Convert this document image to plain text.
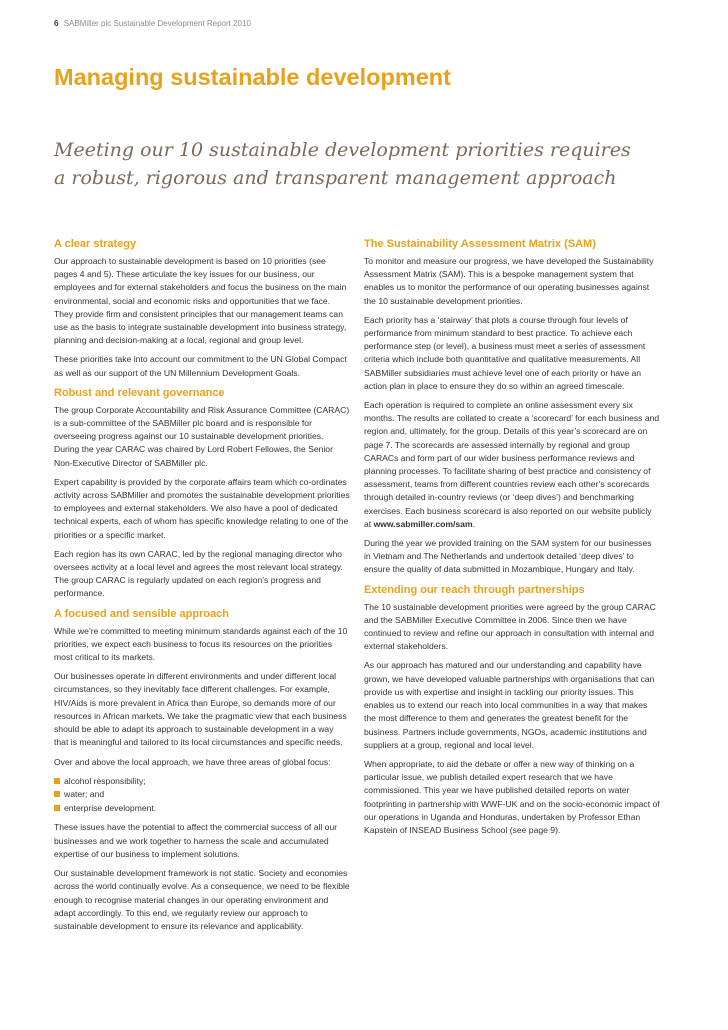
6 SABMiller plc Sustainable Development Report 2010
Managing sustainable development
Meeting our 10 sustainable development priorities requires
a robust, rigorous and transparent management approach
A clear strategy

Our approach to sustainable development is based on 10 priorities (see pages 4 and 5). These articulate the key issues for our business, our employees and for external stakeholders and focus the business on the main environmental, social and economic risks and opportunities that we face. They provide firm and consistent principles that our management teams can use as the basis to integrate sustainable development into business strategy, planning and decision-making at a local, regional and group level.

These priorities take into account our commitment to the UN Global Compact as well as our support of the UN Millennium Development Goals.

Robust and relevant governance

The group Corporate Accountability and Risk Assurance Committee (CARAC) is a sub-committee of the SABMiller plc board and is responsible for overseeing progress against our 10 sustainable development priorities. During the year CARAC was chaired by Lord Robert Fellowes, the Senior Non-Executive Director of SABMiller plc.

Expert capability is provided by the corporate affairs team which co-ordinates activity across SABMiller and promotes the sustainable development priorities to employees and external stakeholders. We also have a pool of dedicated technical experts, each of whom has specific knowledge relating to one of the priorities or a specific market.

Each region has its own CARAC, led by the regional managing director who oversees activity at a local level and agrees the most relevant local strategy. The group CARAC is regularly updated on each region’s progress and performance.

A focused and sensible approach

While we’re committed to meeting minimum standards against each of the 10 priorities, we expect each business to focus its resources on the priorities most critical to its markets.

Our businesses operate in different environments and under different local circumstances, so they inevitably face different challenges. For example, HIV/Aids is more prevalent in Africa than Europe, so demands more of our resources in African markets. We take the pragmatic view that each business should be able to adapt its approach to sustainable development in a way that is meaningful and tailored to its local circumstances and specific needs.

Over and above the local approach, we have three areas of global focus:

alcohol responsibility;
water; and
enterprise development.

These issues have the potential to affect the commercial success of all our businesses and we work together to harness the scale and accumulated expertise of our business to implement solutions.

Our sustainable development framework is not static. Society and economies across the world continually evolve. As a consequence, we need to be flexible enough to recognise material changes in our operating environment and adapt accordingly. To this end, we regularly review our approach to sustainable development to ensure its relevance and applicability.

The Sustainability Assessment Matrix (SAM)

To monitor and measure our progress, we have developed the Sustainability Assessment Matrix (SAM). This is a bespoke management system that enables us to monitor the performance of our operating businesses against the 10 sustainable development priorities.

Each priority has a ‘stairway’ that plots a course through four levels of performance from minimum standard to best practice. To achieve each performance step (or level), a business must meet a series of assessment criteria which include both quantitative and qualitative measurements. All SABMiller subsidiaries must achieve level one of each priority or have an action plan in place to ensure they do so within an agreed timescale.

Each operation is required to complete an online assessment every six months. The results are collated to create a ‘scorecard’ for each business and region and, ultimately, for the group. Details of this year’s scorecard are on page 7. The scorecards are assessed internally by regional and group CARACs and form part of our wider business performance reviews and planning processes. To facilitate sharing of best practice and consistency of assessment, teams from different countries review each other’s scorecards through detailed in-country reviews (or ‘deep dives’) and benchmarking exercises. Each business scorecard is also reported on our website publicly at www.sabmiller.com/sam.

During the year we provided training on the SAM system for our businesses in Vietnam and The Netherlands and undertook detailed ‘deep dives’ to ensure the quality of data submitted in Mozambique, Hungary and Italy.

Extending our reach through partnerships

The 10 sustainable development priorities were agreed by the group CARAC and the SABMiller Executive Committee in 2006. Since then we have continued to review and refine our approach in consultation with internal and external stakeholders.

As our approach has matured and our understanding and capability have grown, we have developed valuable partnerships with organisations that can provide us with expertise and insight in tackling our priority issues. This enables us to extend our reach into local communities in a way that makes the most difference to them and generates the greatest benefit for the business. Partners include governments, NGOs, academic institutions and suppliers at a group, regional and local level.

When appropriate, to aid the debate or offer a new way of thinking on a particular issue, we publish detailed expert research that we have commissioned. This year we have published detailed reports on water footprinting in partnership with WWF-UK and on the socio-economic impact of our operations in Uganda and Honduras, undertaken by Professor Ethan Kapstein of INSEAD Business School (see page 9).
